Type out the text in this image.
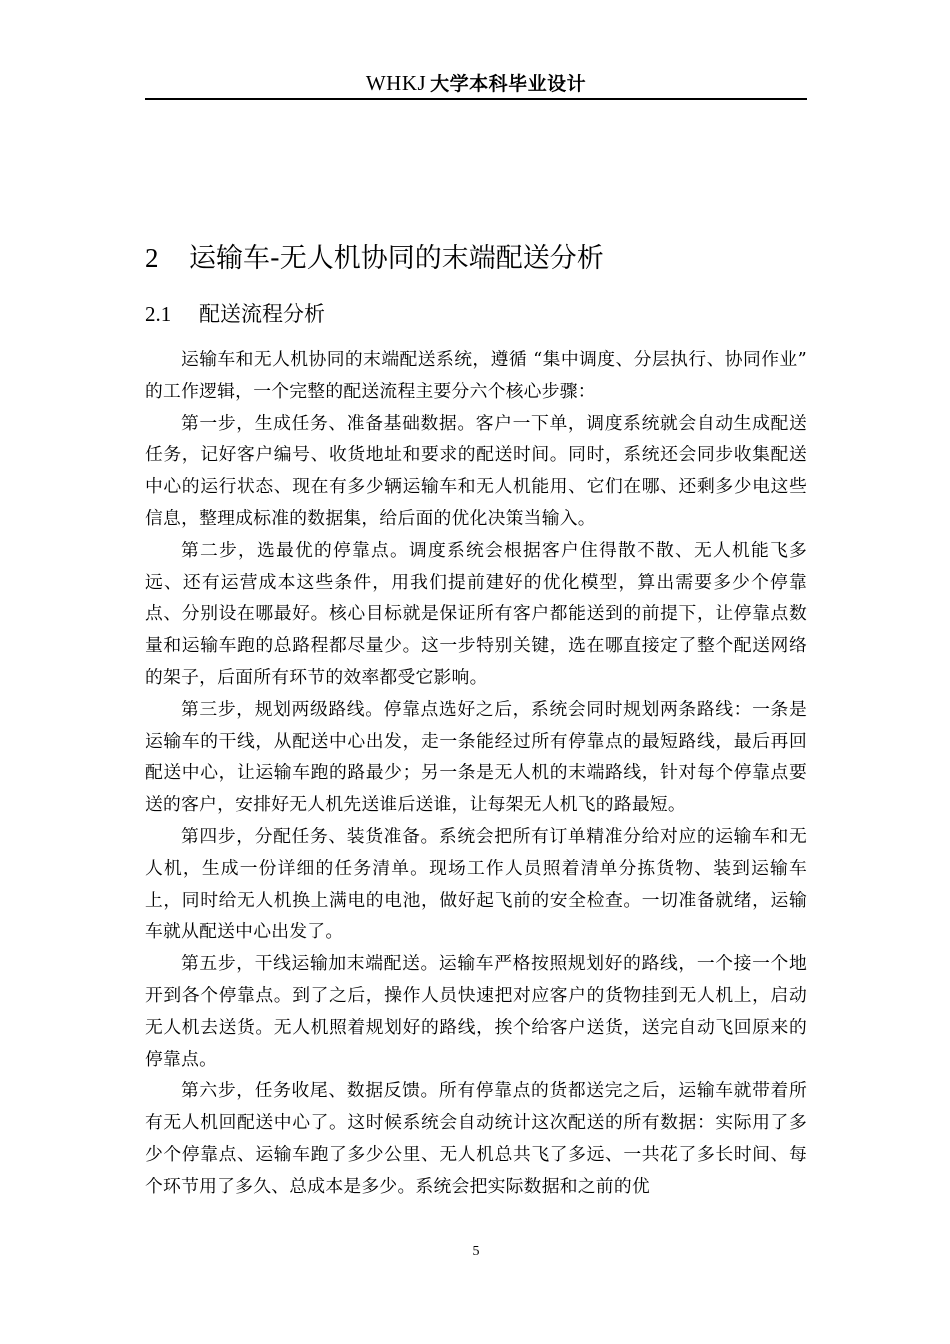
WHKJ 大学本科毕业设计
2 运输车-无人机协同的末端配送分析
2.1 配送流程分析

运输车和无人机协同的末端配送系统，遵循 “集中调度、分层执行、协同作业” 的工作逻辑，一个完整的配送流程主要分六个核心步骤：

第一步，生成任务、准备基础数据。客户一下单，调度系统就会自动生成配送任务，记好客户编号、收货地址和要求的配送时间。同时，系统还会同步收集配送中心的运行状态、现在有多少辆运输车和无人机能用、它们在哪、还剩多少电这些信息，整理成标准的数据集，给后面的优化决策当输入。

第二步，选最优的停靠点。调度系统会根据客户住得散不散、无人机能飞多远、还有运营成本这些条件，用我们提前建好的优化模型，算出需要多少个停靠点、分别设在哪最好。核心目标就是保证所有客户都能送到的前提下，让停靠点数量和运输车跑的总路程都尽量少。这一步特别关键，选在哪直接定了整个配送网络的架子，后面所有环节的效率都受它影响。

第三步，规划两级路线。停靠点选好之后，系统会同时规划两条路线：一条是运输车的干线，从配送中心出发，走一条能经过所有停靠点的最短路线，最后再回配送中心，让运输车跑的路最少；另一条是无人机的末端路线，针对每个停靠点要送的客户，安排好无人机先送谁后送谁，让每架无人机飞的路最短。

第四步，分配任务、装货准备。系统会把所有订单精准分给对应的运输车和无人机，生成一份详细的任务清单。现场工作人员照着清单分拣货物、装到运输车上，同时给无人机换上满电的电池，做好起飞前的安全检查。一切准备就绪，运输车就从配送中心出发了。

第五步，干线运输加末端配送。运输车严格按照规划好的路线，一个接一个地开到各个停靠点。到了之后，操作人员快速把对应客户的货物挂到无人机上，启动无人机去送货。无人机照着规划好的路线，挨个给客户送货，送完自动飞回原来的停靠点。

第六步，任务收尾、数据反馈。所有停靠点的货都送完之后，运输车就带着所有无人机回配送中心了。这时候系统会自动统计这次配送的所有数据：实际用了多少个停靠点、运输车跑了多少公里、无人机总共飞了多远、一共花了多长时间、每个环节用了多久、总成本是多少。系统会把实际数据和之前的优

5
